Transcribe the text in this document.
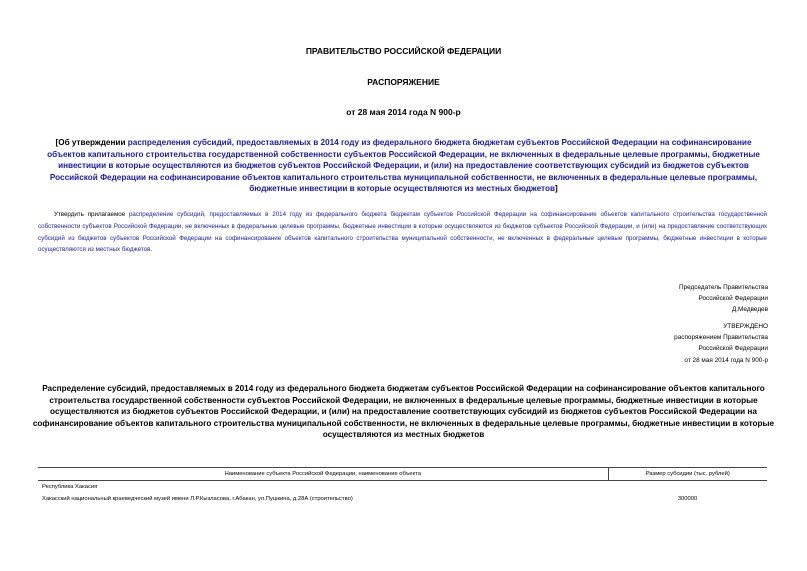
ПРАВИТЕЛЬСТВО РОССИЙСКОЙ ФЕДЕРАЦИИ
РАСПОРЯЖЕНИЕ
от 28 мая 2014 года N 900-р
[Об утверждении распределения субсидий, предоставляемых в 2014 году из федерального бюджета бюджетам субъектов Российской Федерации на софинансирование объектов капитального строительства государственной собственности субъектов Российской Федерации, не включенных в федеральные целевые программы, бюджетные инвестиции в которые осуществляются из бюджетов субъектов Российской Федерации, и (или) на предоставление соответствующих субсидий из бюджетов субъектов Российской Федерации на софинансирование объектов капитального строительства муниципальной собственности, не включенных в федеральные целевые программы, бюджетные инвестиции в которые осуществляются из местных бюджетов]
Утвердить прилагаемое распределение субсидий, предоставляемых в 2014 году из федерального бюджета бюджетам субъектов Российской Федерации на софинансирование объектов капитального строительства государственной собственности субъектов Российской Федерации, не включенных в федеральные целевые программы, бюджетные инвестиции в которые осуществляются из бюджетов субъектов Российской Федерации, и (или) на предоставление соответствующих субсидий из бюджетов субъектов Российской Федерации на софинансирование объектов капитального строительства муниципальной собственности, не включенных в федеральные целевые программы, бюджетные инвестиции в которые осуществляются из местных бюджетов.
Председатель Правительства
Российской Федерации
Д.Медведев
УТВЕРЖДЕНО
распоряжением Правительства
Российской Федерации
от 28 мая 2014 года N 900-р
Распределение субсидий, предоставляемых в 2014 году из федерального бюджета бюджетам субъектов Российской Федерации на софинансирование объектов капитального строительства государственной собственности субъектов Российской Федерации, не включенных в федеральные целевые программы, бюджетные инвестиции в которые осуществляются из бюджетов субъектов Российской Федерации, и (или) на предоставление соответствующих субсидий из бюджетов субъектов Российской Федерации на софинансирование объектов капитального строительства муниципальной собственности, не включенных в федеральные целевые программы, бюджетные инвестиции в которые осуществляются из местных бюджетов
Наименование субъекта Российской Федерации, наименование объекта	Размер субсидии (тыс. рублей)
Республика Хакасия	
Хакасский национальный краеведческий музей имени Л.Р.Кызласова, г.Абакан, ул.Пушкина, д.28А (строительство)	300000
